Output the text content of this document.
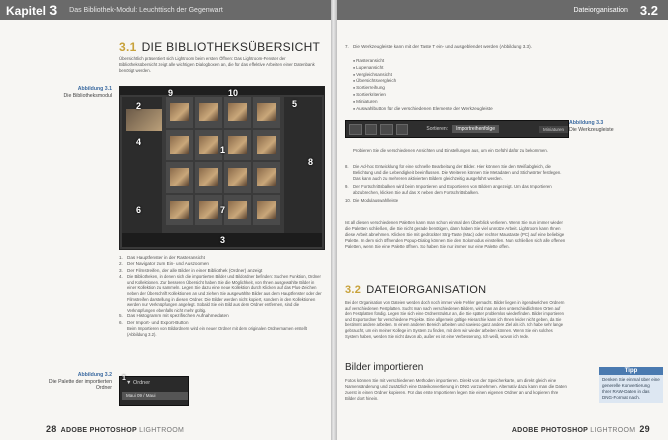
Kapitel 3	Das Bibliothek-Modul: Leuchttisch der Gegenwart
3.1 DIE BIBLIOTHEKSÜBERSICHT
Übersichtlich präsentiert sich Lightroom beim ersten Öffnen: Das Lightroom-Fenster der Bibliotheksübersicht zeigt alle wichtigen Dialogboxen an, die für das effektive Arbeiten einer Datenbank benötigt werden.
Abbildung 3.1
Die Bibliotheksmodul	9	10
2	5
4
1
8
6	7
3
1. Das Hauptfenster in der Rasteransicht
2. Der Navigator zum Ein- und Auszoomen
3. Der Filmstreifen, der alle Bilder in einer Bibliothek (Ordner) anzeigt
4. Die Bibliotheken, in denen sich die importierten Bilder und Bildordner befinden: Suchen Funktion, Ordner und Kollektionen. Zur besseren Übersicht haben Sie die Möglichkeit, von Ihnen ausgewählte Bilder in einer Kollektion zu sammeln. Legen Sie dazu eine neue Kollektion durch Klicken auf das Plus-Zeichen neben der Überschrift Kollektionen an und ziehen Sie ausgewählte Bilder aus dem Hauptfenster oder der Filmstreifen darstellung in diesen Ordner. Die Bilder werden nicht kopiert, sondern in den Kollektionen werden nur Verknüpfungen angelegt. Sobald Sie ein Bild aus dem Ordner entfernen, sind die Verknüpfungen ebenfalls nicht mehr gültig.
5. Das Histogramm mit spezifischen Aufnahmedaten
6. Der Import- und Export-Button
Beim Importieren von Bildordnern wird ein neuer Ordner mit dem originalen Ordnernamen erstellt (Abbildung 3.2).
Abbildung 3.2
Die Palette der importierten Ordner
1
▼ Ordner
Maui 09 / Maui
28 ADOBE PHOTOSHOP LIGHTROOM
Dateiorganisation 3.2
7. Die Werkzeugleiste kann mit der Taste T ein- und ausgeblendet werden (Abbildung 3.3).
■ Rasteransicht
■ Lupenansicht
■ Vergleichsansicht
■ Übersichtsvergleich
■ Sortierreihung
■ Sortierkriterien
■ Miniaturen
■ Auswahlbutton für die verschiedenen Elemente der Werkzeugleiste
Sortieren:	Importreihenfolge	Miniaturen
Abbildung 3.3
Die Werkzeugleiste
Probieren Sie die verschiedenen Ansichten und Einstellungen aus, um ein Gefühl dafür zu bekommen.
8.	Die Ad-hoc Entwicklung für eine schnelle Bearbeitung der Bilder. Hier können Sie den Weißabgleich, die Belichtung und die Lebendigkeit beeinflussen. Die Weiteren können Sie Metadaten und Stichwörter festlegen. Das kann auch zu mehreren aktivierten Bildern gleichzeitig ausgeführt werden.
9.	Der Fortschrittsbalken wird beim Importieren und Exportieren von Bildern angezeigt. Um das Importieren abzubrechen, klicken Sie auf das X neben dem Fortschrittsbalken.
10. Die Modulauswahlleiste
Ist all diesen verschiedenen Paletten kann man schon einmal den Überblick verlieren. Wenn Sie nun immer wieder die Paletten schließen, die Sie nicht gerade benötigen, dann haben Sie viel unnütze Arbeit. Lightroom kann Ihnen diese Arbeit abnehmen. Klicken Sie mit gedrückter Strg-Taste (Mac) oder rechter Maustaste (PC) auf eine beliebige Palette. In dem sich öffnenden Popup-Dialog können Sie den Solomodus einstellen. Nun schließen sich alle offenen Paletten, wenn Sie eine Palette öffnen. So haben Sie nur immer nur eine Palette offen.
3.2 DATEIORGANISATION
Bei der Organisation von Dateien werden doch noch immer viele Fehler gemacht. Bilder liegen in irgendwelchen Ordnern auf verschiedenen Festplatten. Sucht man nach verschiedenen Bildern, wird man an den unterschiedlichsten Orten auf den Festplatten fündig. Legen Sie sich eine Ordnerstruktur an, die Sie später problemlos wiederfinden. Bilder importieren und Exportordner für verschiedene Projekte. Eine allgemein gültige Hierarchie kann ich Ihnen leider nicht geben, da Sie bestimmt andere arbeiten. In einem anderen Bereich arbeiten und sowieso ganz andere Ziel als ich. Ich habe sehr lange gebraucht, um ein meiner Kollege im System zu finden, mit dem wir wieder arbeiten können. Wenn Sie ein solches System haben, werden Sie nicht davon ab, außer es ist eine Verbesserung. Ich weiß, wovon ich rede.
Bilder importieren
Fotos können Sie mit verschiedenen Methoden importieren. Direkt von der Speicherkarte, um direkt gleich eine Namensänderung und zusätzlich eine Dateikonvertierung in DNG vorzunehmen. Alternativ dazu kann man die Daten zuerst in einen Ordner kopieren. Für das erste Importieren legen Sie einen eigenen Ordner an und kopieren Ihre Bilder dort hinein.
Tipp
Denken Sie einmal über eine generelle Konvertierung Ihrer RAW-Daten in das DNG-Format nach.
ADOBE PHOTOSHOP LIGHTROOM 29
